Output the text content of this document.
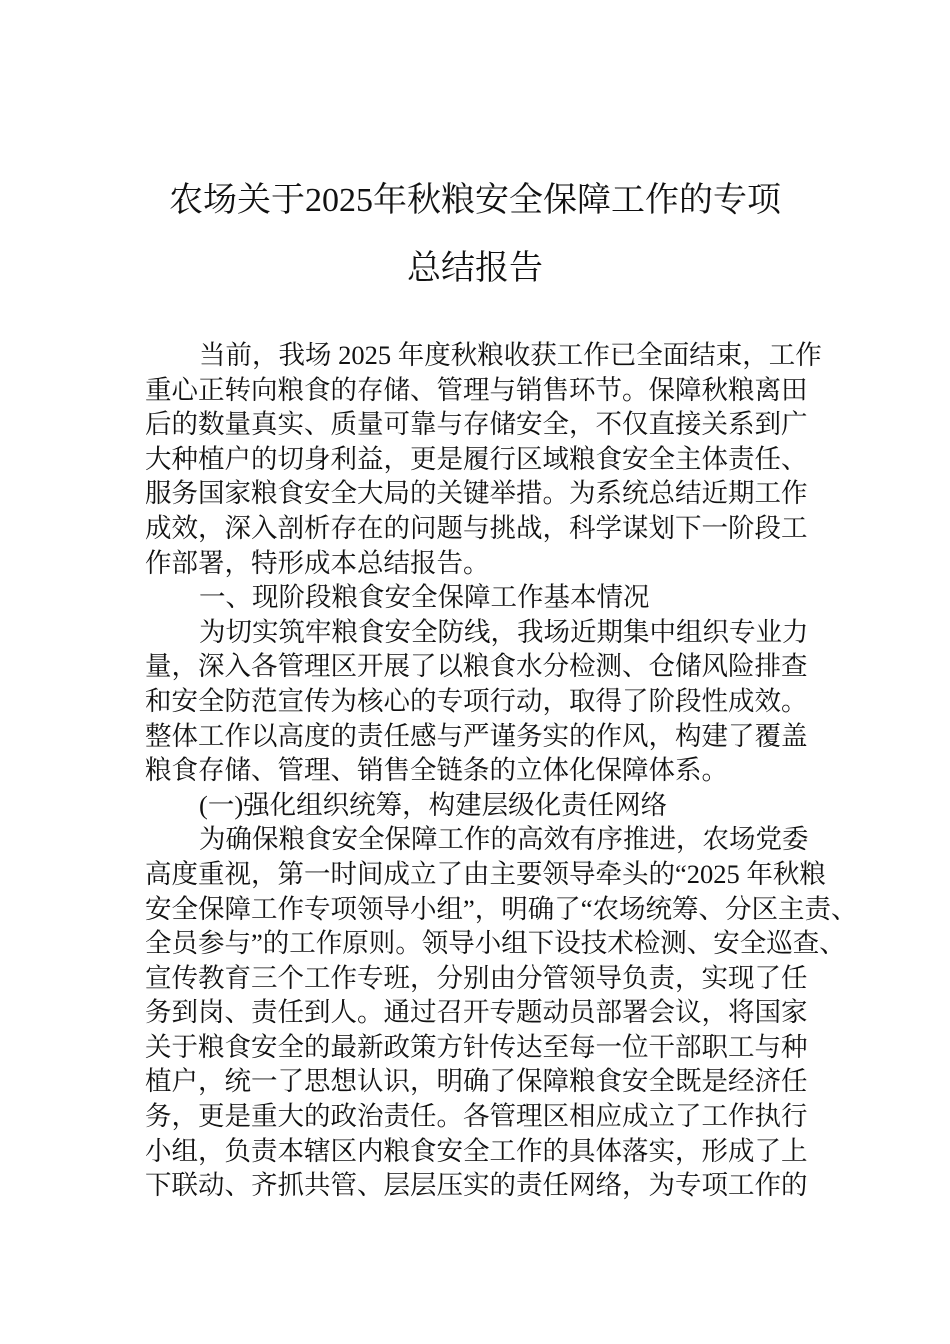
农场关于2025年秋粮安全保障工作的专项
总结报告
当前，我场 2025 年度秋粮收获工作已全面结束，工作
重心正转向粮食的存储、管理与销售环节。保障秋粮离田
后的数量真实、质量可靠与存储安全，不仅直接关系到广
大种植户的切身利益，更是履行区域粮食安全主体责任、
服务国家粮食安全大局的关键举措。为系统总结近期工作
成效，深入剖析存在的问题与挑战，科学谋划下一阶段工
作部署，特形成本总结报告。
一、现阶段粮食安全保障工作基本情况
为切实筑牢粮食安全防线，我场近期集中组织专业力
量，深入各管理区开展了以粮食水分检测、仓储风险排查
和安全防范宣传为核心的专项行动，取得了阶段性成效。
整体工作以高度的责任感与严谨务实的作风，构建了覆盖
粮食存储、管理、销售全链条的立体化保障体系。
(一)强化组织统筹，构建层级化责任网络
为确保粮食安全保障工作的高效有序推进，农场党委
高度重视，第一时间成立了由主要领导牵头的“2025 年秋粮
安全保障工作专项领导小组”，明确了“农场统筹、分区主责、
全员参与”的工作原则。领导小组下设技术检测、安全巡查、
宣传教育三个工作专班，分别由分管领导负责，实现了任
务到岗、责任到人。通过召开专题动员部署会议，将国家
关于粮食安全的最新政策方针传达至每一位干部职工与种
植户，统一了思想认识，明确了保障粮食安全既是经济任
务，更是重大的政治责任。各管理区相应成立了工作执行
小组，负责本辖区内粮食安全工作的具体落实，形成了上
下联动、齐抓共管、层层压实的责任网络，为专项工作的
